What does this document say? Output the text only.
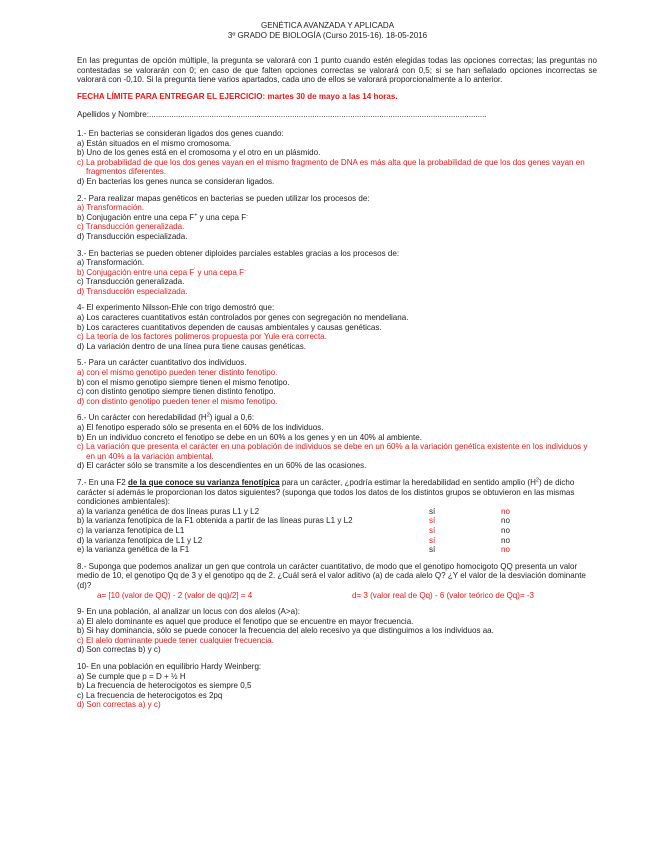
GENÉTICA AVANZADA Y APLICADA
3º GRADO DE BIOLOGÍA (Curso 2015-16). 18-05-2016
En las preguntas de opción múltiple, la pregunta se valorará con 1 punto cuando estén elegidas todas las opciones correctas; las preguntas no contestadas se valorarán con 0; en caso de que falten opciones correctas se valorará con 0,5; si se han señalado opciones incorrectas se valorará con -0,10. Si la pregunta tiene varios apartados, cada uno de ellos se valorará proporcionalmente a lo anterior.
FECHA LÍMITE PARA ENTREGAR EL EJERCICIO: martes 30 de mayo a las 14 horas.
Apellidos y Nombre:.......................................................................................................................................................
1.- En bacterias se consideran ligados dos genes cuando:
a) Están situados en el mismo cromosoma.
b) Uno de los genes está en el cromosoma y el otro en un plásmido.
c) La probabilidad de que los dos genes vayan en el mismo fragmento de DNA es más alta que la probabilidad de que los dos genes vayan en fragmentos diferentes.
d) En bacterias los genes nunca se consideran ligados.
2.- Para realizar mapas genéticos en bacterias se pueden utilizar los procesos de:
a) Transformación.
b) Conjugación entre una cepa F+ y una cepa F-
c) Transducción generalizada.
d) Transducción especializada.
3.- En bacterias se pueden obtener diploides parciales estables gracias a los procesos de:
a) Transformación.
b) Conjugación entre una cepa F' y una cepa F-
c) Transducción generalizada.
d) Transducción especializada.
4- El experimento Nilsson-Ehle con trigo demostró que:
a) Los caracteres cuantitativos están controlados por genes con segregación no mendeliana.
b) Los caracteres cuantitativos dependen de causas ambientales y causas genéticas.
c) La teoría de los factores polímeros propuesta por Yule era correcta.
d) La variación dentro de una línea pura tiene causas genéticas.
5.- Para un carácter cuantitativo dos individuos.
a) con el mismo genotipo pueden tener distinto fenotipo.
b) con el mismo genotipo siempre tienen el mismo fenotipo.
c) con distinto genotipo siempre tienen distinto fenotipo.
d) con distinto genotipo pueden tener el mismo fenotipo.
6.- Un carácter con heredabilidad $(H^2)$ igual a 0,6:
a) El fenotipo esperado sólo se presenta en el 60% de los individuos.
b) En un individuo concreto el fenotipo se debe en un 60% a los genes y en un 40% al ambiente.
c) La variación que presenta el carácter en una población de individuos se debe en un 60% a la variación genética existente en los individuos y en un 40% a la variación ambiental.
d) El carácter sólo se transmite a los descendientes en un 60% de las ocasiones.
7.- En una F2 de la que conoce su varianza fenotípica para un carácter, ¿podría estimar la heredabilidad en sentido amplio $(H^2)$ de dicho carácter si además le proporcionan los datos siguientes? (suponga que todos los datos de los distintos grupos se obtuvieron en las mismas condiciones ambientales):
a) la varianza genética de dos líneas puras L1 y L2	sí	no
b) la varianza fenotípica de la F1 obtenida a partir de las líneas puras L1 y L2	sí	no
c) la varianza fenotípica de L1	sí	no
d) la varianza fenotípica de L1 y L2	sí	no
e) la varianza genética de la F1	sí	no
8.- Suponga que podemos analizar un gen que controla un carácter cuantitativo, de modo que el genotipo homocigoto QQ presenta un valor medio de 10, el genotipo Qq de 3 y el genotipo qq de 2. ¿Cuál será el valor aditivo (a) de cada alelo Q? ¿Y el valor de la desviación dominante (d)?
a= [10 (valor de QQ) - 2 (valor de qq)/2] = 4	d= 3 (valor real de Qq) - 6 (valor teórico de Qq)= -3
9- En una población, al analizar un locus con dos alelos (A>a):
a) El alelo dominante es aquel que produce el fenotipo que se encuentre en mayor frecuencia.
b) Si hay dominancia, sólo se puede conocer la frecuencia del alelo recesivo ya que distinguimos a los individuos aa.
c) El alelo dominante puede tener cualquier frecuencia.
d) Son correctas b) y c)
10- En una población en equilibrio Hardy Weinberg:
a) Se cumple que p = D + ½ H
b) La frecuencia de heterocigotos es siempre 0,5
c) La frecuencia de heterocigotos es 2pq
d) Son correctas a) y c)
